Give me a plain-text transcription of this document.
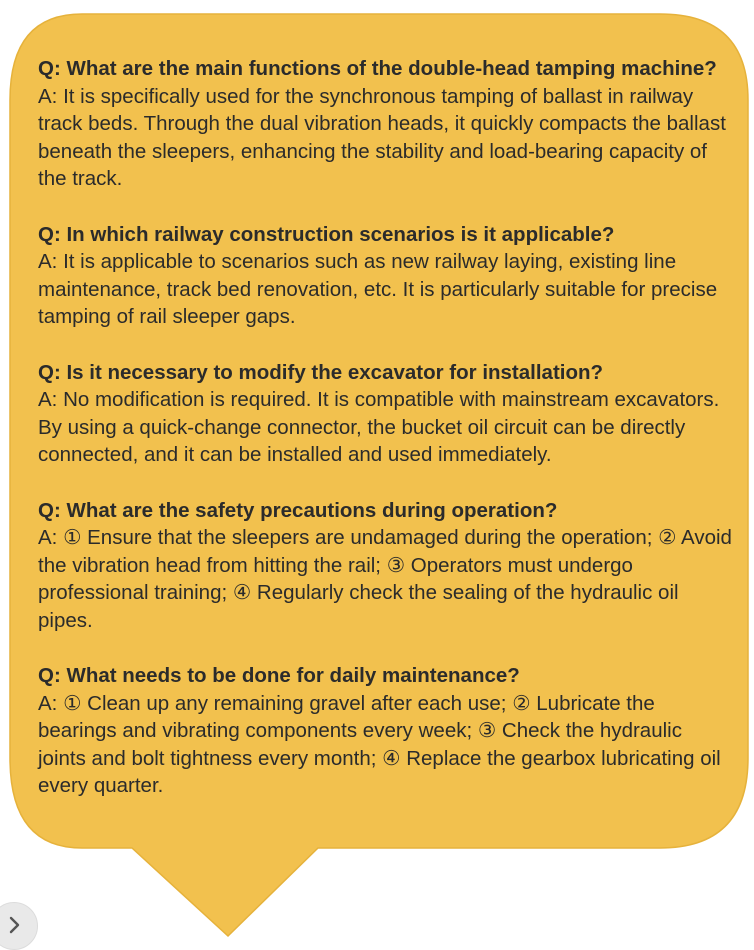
Q: What are the main functions of the double-head tamping machine?
A: It is specifically used for the synchronous tamping of ballast in railway track beds. Through the dual vibration heads, it quickly compacts the ballast beneath the sleepers, enhancing the stability and load-bearing capacity of the track.
Q: In which railway construction scenarios is it applicable?
A: It is applicable to scenarios such as new railway laying, existing line maintenance, track bed renovation, etc. It is particularly suitable for precise tamping of rail sleeper gaps.
Q: Is it necessary to modify the excavator for installation?
A: No modification is required. It is compatible with mainstream excavators. By using a quick-change connector, the bucket oil circuit can be directly connected, and it can be installed and used immediately.
Q: What are the safety precautions during operation?
A: ① Ensure that the sleepers are undamaged during the operation; ② Avoid the vibration head from hitting the rail; ③ Operators must undergo professional training; ④ Regularly check the sealing of the hydraulic oil pipes.
Q: What needs to be done for daily maintenance?
A: ① Clean up any remaining gravel after each use; ② Lubricate the bearings and vibrating components every week; ③ Check the hydraulic joints and bolt tightness every month; ④ Replace the gearbox lubricating oil every quarter.
